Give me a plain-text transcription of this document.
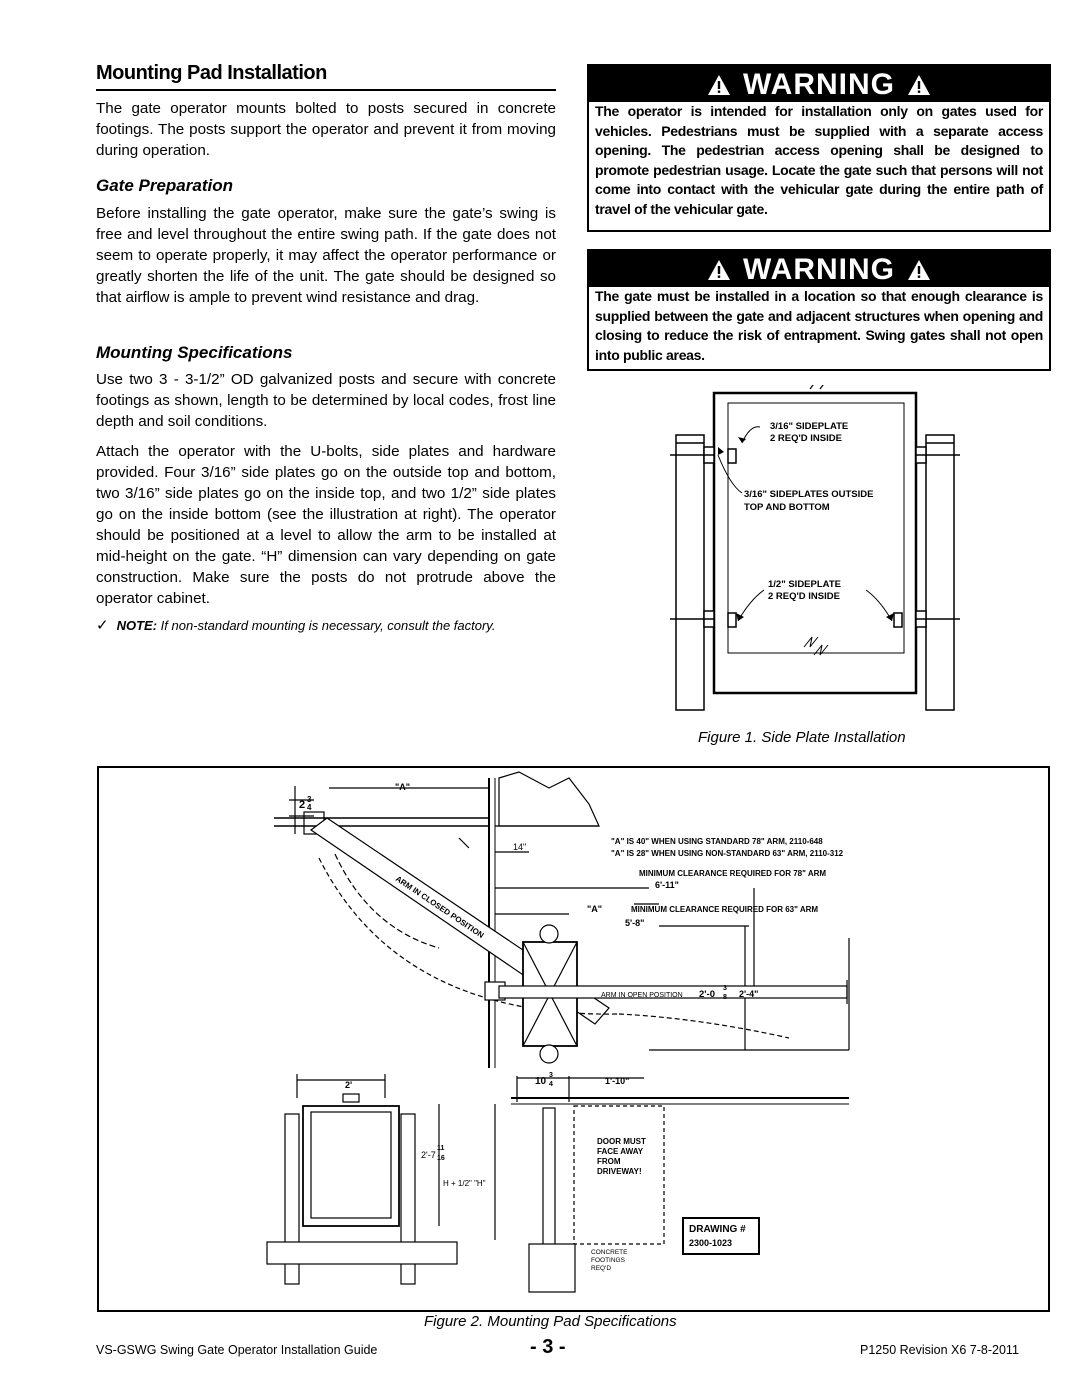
Mounting Pad Installation
The gate operator mounts bolted to posts secured in concrete footings. The posts support the operator and prevent it from moving during operation.
Gate Preparation
Before installing the gate operator, make sure the gate’s swing is free and level throughout the entire swing path. If the gate does not seem to operate properly, it may affect the operator performance or greatly shorten the life of the unit. The gate should be designed so that airflow is ample to prevent wind resistance and drag.
Mounting Specifications
Use two 3 - 3-1/2” OD galvanized posts and secure with concrete footings as shown, length to be determined by local codes, frost line depth and soil conditions.
Attach the operator with the U-bolts, side plates and hardware provided. Four 3/16” side plates go on the outside top and bottom, two 3/16” side plates go on the inside top, and two 1/2” side plates go on the inside bottom (see the illustration at right). The operator should be positioned at a level to allow the arm to be installed at mid-height on the gate. “H” dimension can vary depending on gate construction. Make sure the posts do not protrude above the operator cabinet.
✓ NOTE: If non-standard mounting is necessary, consult the factory.
WARNING
The operator is intended for installation only on gates used for vehicles. Pedestrians must be supplied with a separate access opening. The pedestrian access opening shall be designed to promote pedestrian usage. Locate the gate such that persons will not come into contact with the vehicular gate during the entire path of travel of the vehicular gate.
WARNING
The gate must be installed in a location so that enough clearance is supplied between the gate and adjacent structures when opening and closing to reduce the risk of entrapment. Swing gates shall not open into public areas.
3/16" SIDEPLATE
2 REQ'D INSIDE
3/16" SIDEPLATES OUTSIDE
TOP AND BOTTOM
1/2" SIDEPLATE
2 REQ'D INSIDE
Figure 1. Side Plate Installation
"A"
2 3
4
14"
"A" IS 40" WHEN USING STANDARD 78" ARM, 2110-648
"A" IS 28" WHEN USING NON-STANDARD 63" ARM, 2110-312
MINIMUM CLEARANCE REQUIRED FOR 78" ARM
6'-11"
"A"	MINIMUM CLEARANCE REQUIRED FOR 63" ARM
5'-8"
ARM IN CLOSED POSITION
ARM IN OPEN POSITION 2'-0
3
8 2'-4"
2'	10
3
4	1'-10"
2'-7
11
16
H + 1/2" "H"
DOOR MUST
FACE AWAY
FROM
DRIVEWAY!
DRAWING #
2300-1023
CONCRETE
FOOTINGS
REQ'D
Figure 2. Mounting Pad Specifications
VS-GSWG Swing Gate Operator Installation Guide	- 3 -	P1250 Revision X6 7-8-2011
